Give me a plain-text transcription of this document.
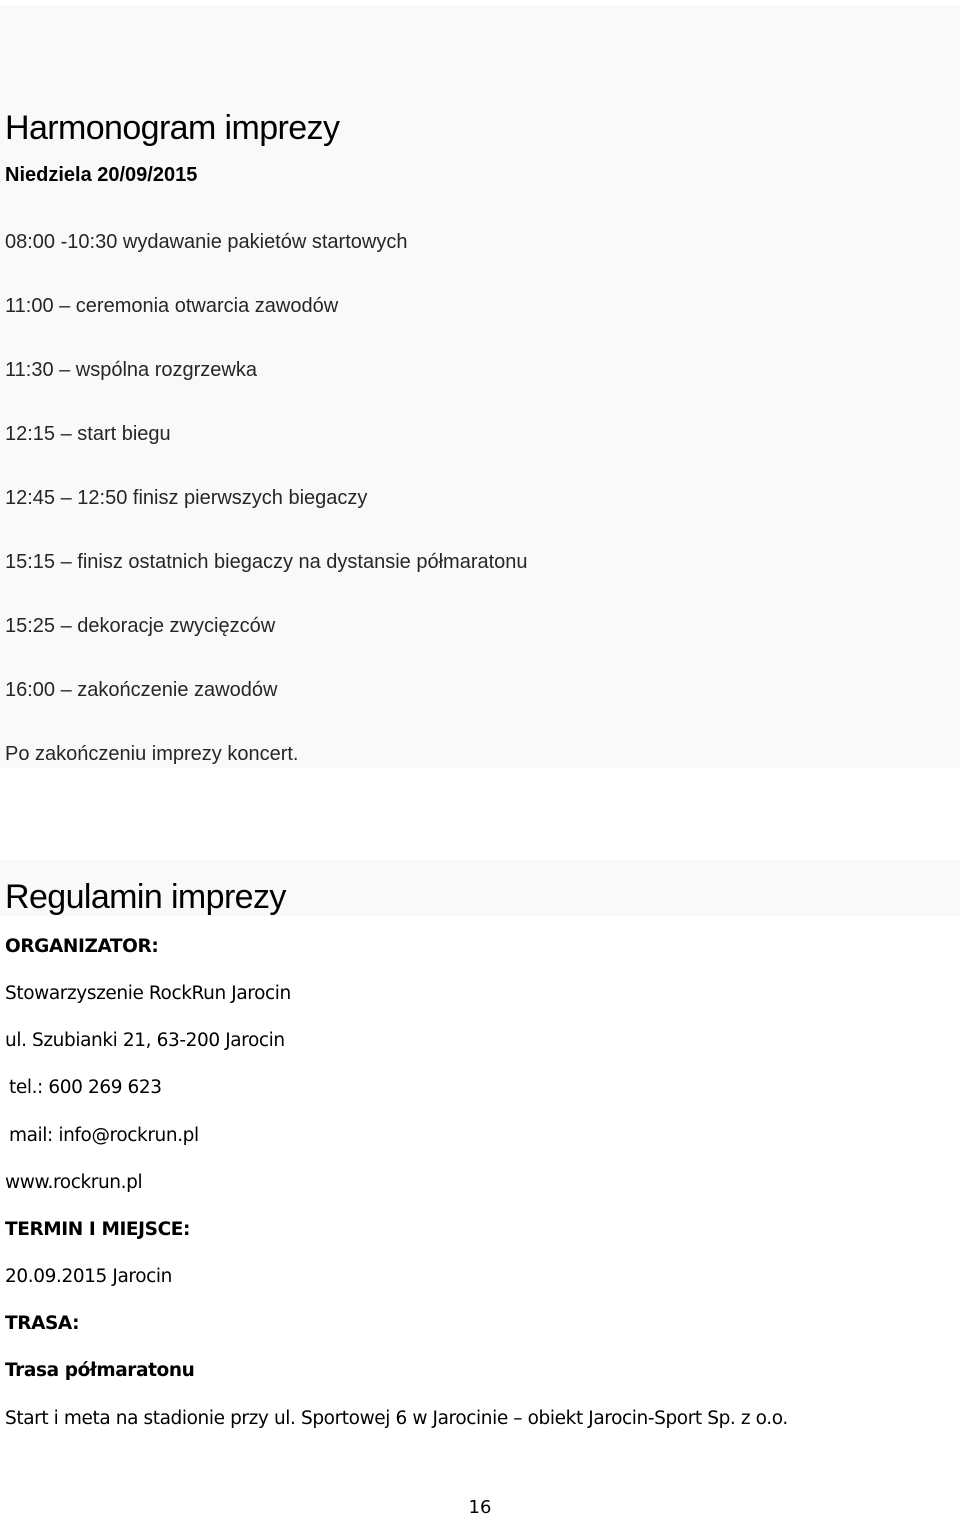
Harmonogram imprezy
Niedziela 20/09/2015
08:00 -10:30 wydawanie pakietów startowych
11:00 – ceremonia otwarcia zawodów
11:30 – wspólna rozgrzewka
12:15 – start biegu
12:45 – 12:50 finisz pierwszych biegaczy
15:15 – finisz ostatnich biegaczy na dystansie półmaratonu
15:25 – dekoracje zwycięzców
16:00 – zakończenie zawodów
Po zakończeniu imprezy koncert.
Regulamin imprezy
ORGANIZATOR:
Stowarzyszenie RockRun Jarocin
ul. Szubianki 21, 63-200 Jarocin
tel.: 600 269 623
mail: info@rockrun.pl
www.rockrun.pl
TERMIN I MIEJSCE:
20.09.2015 Jarocin
TRASA:
Trasa półmaratonu
Start i meta na stadionie przy ul. Sportowej 6 w Jarocinie – obiekt Jarocin-Sport Sp. z o.o.
16
